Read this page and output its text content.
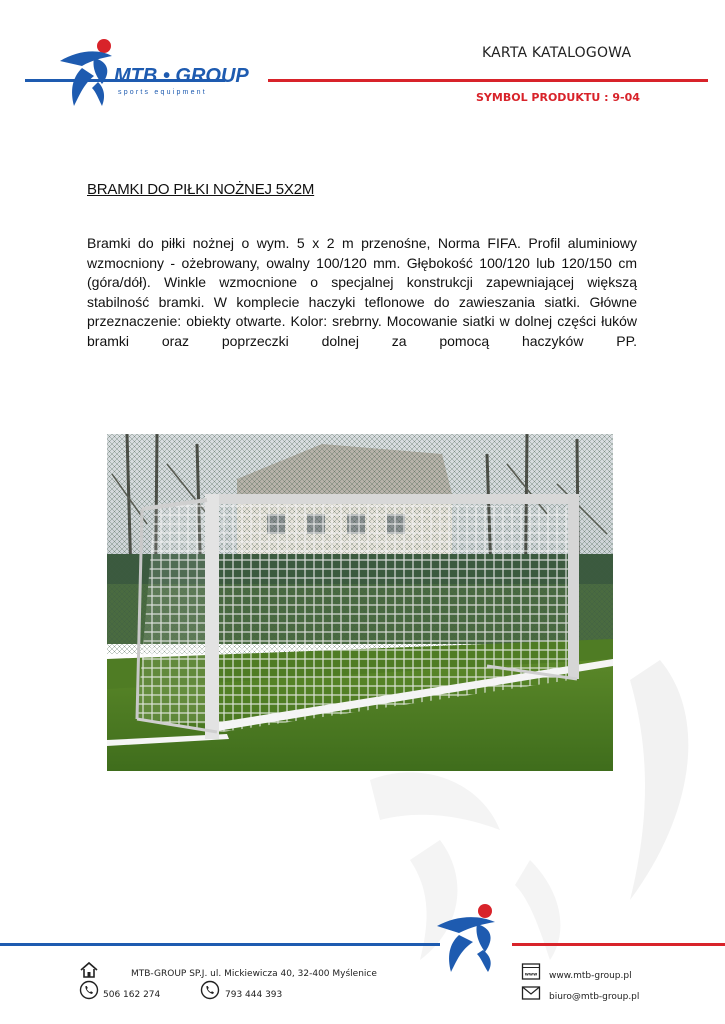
MTB • GROUP
sports equipment
KARTA KATALOGOWA
SYMBOL PRODUKTU : 9-04
BRAMKI DO PIŁKI NOŻNEJ 5X2M
Bramki do piłki nożnej o wym. 5 x 2 m przenośne, Norma FIFA. Profil aluminiowy wzmocniony - ożebrowany, owalny 100/120 mm. Głębokość 100/120 lub 120/150 cm (góra/dół). Winkle wzmocnione o specjalnej konstrukcji zapewniającej większą stabilność bramki. W komplecie haczyki teflonowe do zawieszania siatki. Główne przeznaczenie: obiekty otwarte. Kolor: srebrny. Mocowanie siatki w dolnej części łuków bramki oraz poprzeczki dolnej za pomocą haczyków PP.
MTB-GROUP SP.J. ul. Mickiewicza 40, 32-400 Myślenice
506 162 274	793 444 393
www www.mtb-group.pl
biuro@mtb-group.pl
